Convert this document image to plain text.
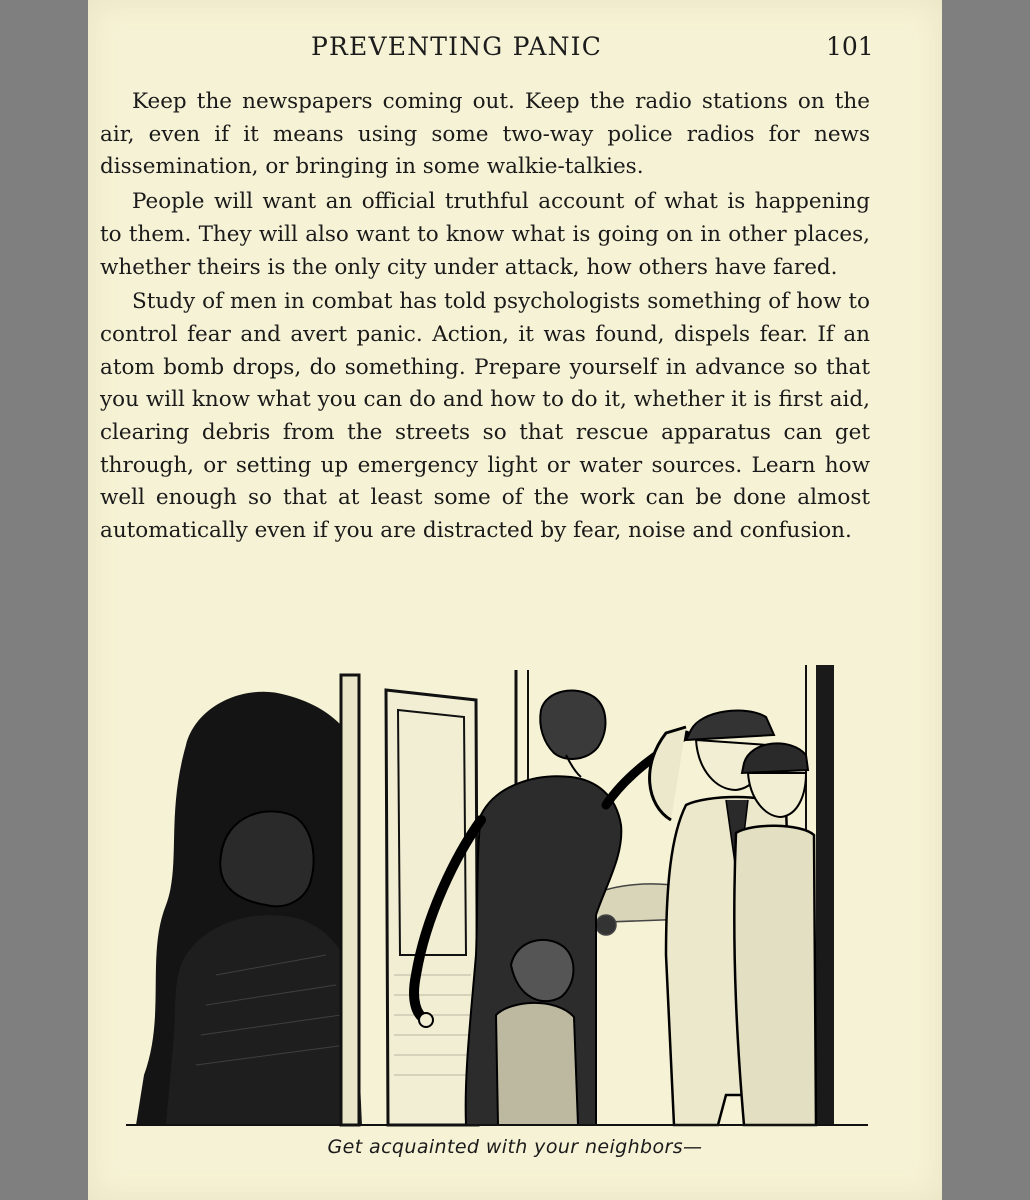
PREVENTING PANIC	101

Keep the newspapers coming out. Keep the radio stations on the air, even if it means using some two-way police radios for news dissemination, or bringing in some walkie-talkies.

People will want an official truthful account of what is happening to them. They will also want to know what is going on in other places, whether theirs is the only city under attack, how others have fared.

Study of men in combat has told psychologists something of how to control fear and avert panic. Action, it was found, dispels fear. If an atom bomb drops, do something. Prepare yourself in advance so that you will know what you can do and how to do it, whether it is first aid, clearing debris from the streets so that rescue apparatus can get through, or setting up emergency light or water sources. Learn how well enough so that at least some of the work can be done almost automatically even if you are distracted by fear, noise and confusion.

Get acquainted with your neighbors—
